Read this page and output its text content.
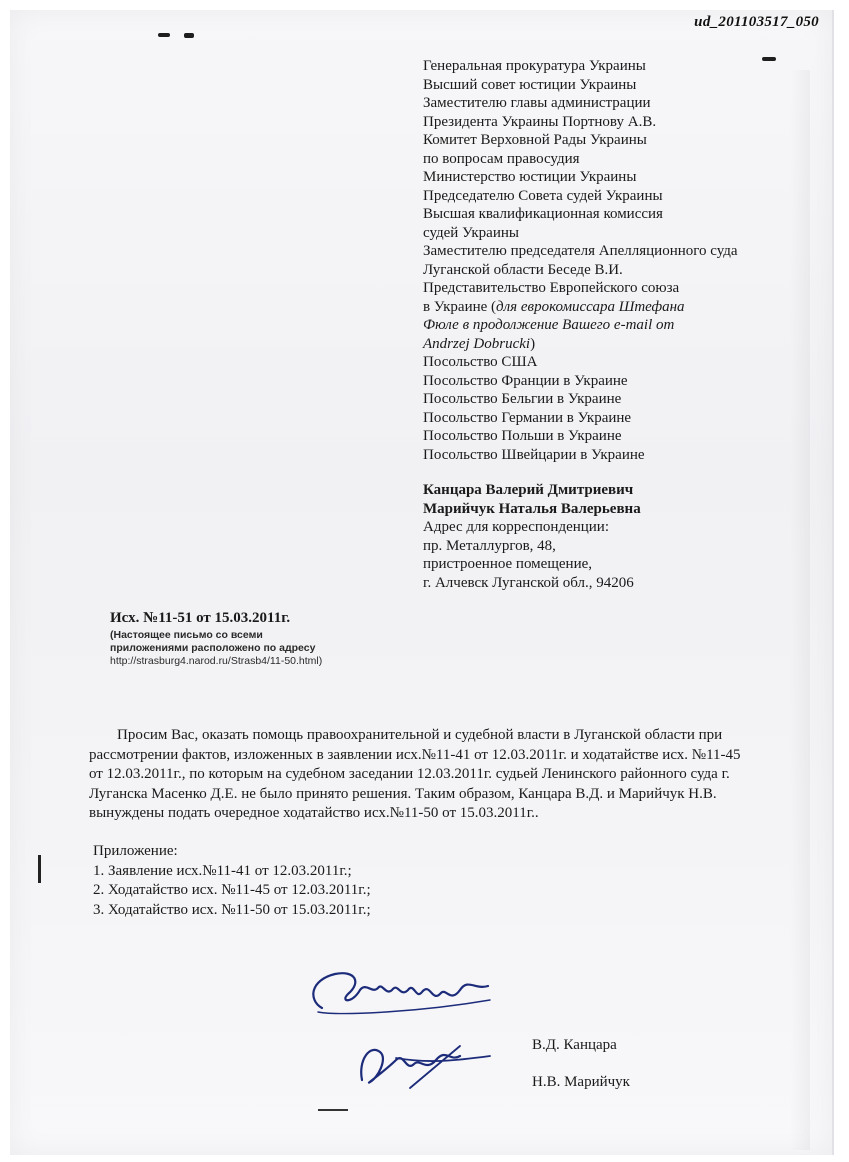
ud_201103517_050
Генеральная прокуратура Украины
Высший совет юстиции Украины
Заместителю главы администрации
Президента Украины Портнову А.В.
Комитет Верховной Рады Украины
по вопросам правосудия
Министерство юстиции Украины
Председателю Совета судей Украины
Высшая квалификационная комиссия
судей Украины
Заместителю председателя Апелляционного суда
Луганской области Беседе В.И.
Представительство Европейского союза
в Украине (для еврокомиссара Штефана
Фюле в продолжение Вашего e-mail от
Andrzej Dobrucki)
Посольство США
Посольство Франции в Украине
Посольство Бельгии в Украине
Посольство Германии в Украине
Посольство Польши в Украине
Посольство Швейцарии в Украине
Канцара Валерий Дмитриевич
Марийчук Наталья Валерьевна
Адрес для корреспонденции:
пр. Металлургов, 48,
пристроенное помещение,
г. Алчевск Луганской обл., 94206
Исх. №11-51 от 15.03.2011г.
(Настоящее письмо со всеми
приложениями расположено по адресу
http://strasburg4.narod.ru/Strasb4/11-50.html)
Просим Вас, оказать помощь правоохранительной и судебной власти в Луганской области при
рассмотрении фактов, изложенных в заявлении исх.№11-41 от 12.03.2011г. и ходатайстве исх. №11-45
от 12.03.2011г., по которым на судебном заседании 12.03.2011г. судьей Ленинского районного суда г.
Луганска Масенко Д.Е. не было принято решения. Таким образом, Канцара В.Д. и Марийчук Н.В.
вынуждены подать очередное ходатайство исх.№11-50 от 15.03.2011г..
Приложение:
1. Заявление исх.№11-41 от 12.03.2011г.;
2. Ходатайство исх. №11-45 от 12.03.2011г.;
3. Ходатайство исх. №11-50 от 15.03.2011г.;
В.Д. Канцара
Н.В. Марийчук
